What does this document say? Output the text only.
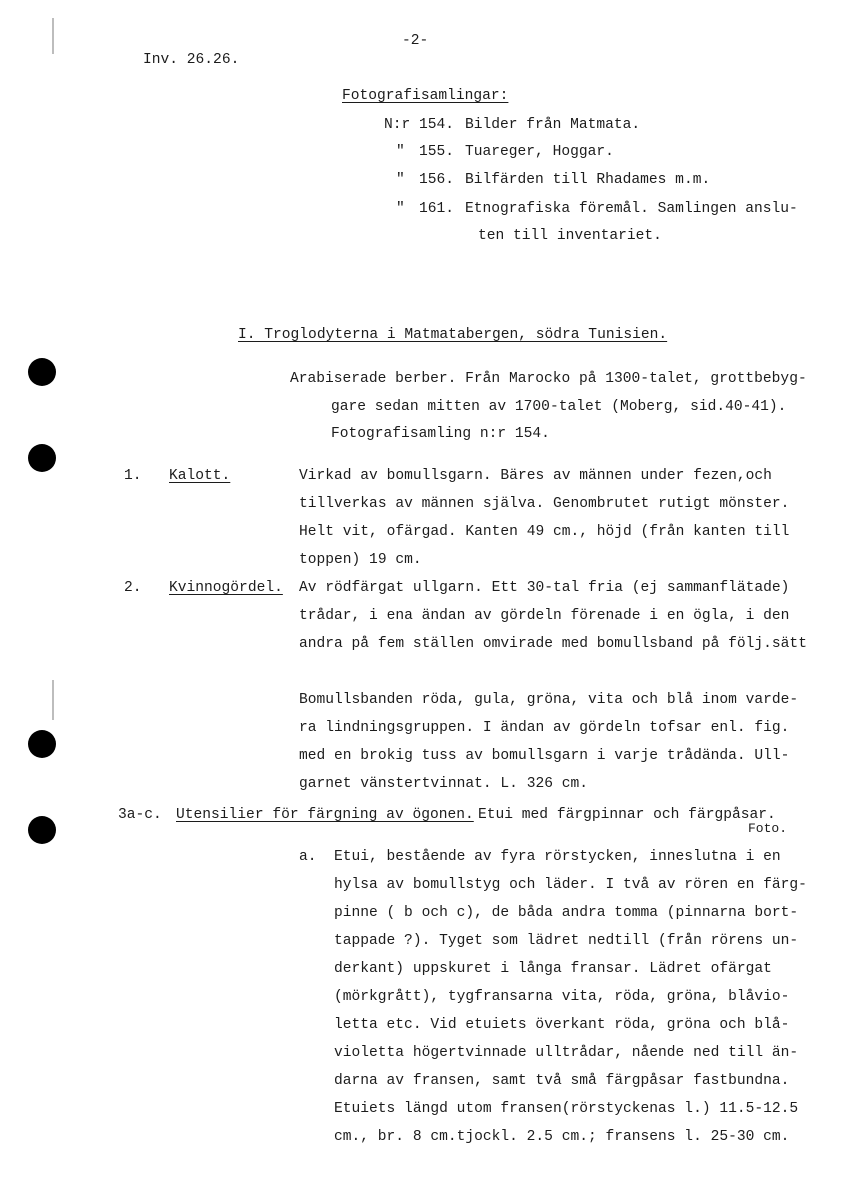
-2-
Inv. 26.26.
Fotografisamlingar:
N:r 154. Bilder från Matmata.
" 155. Tuareger, Hoggar.
" 156. Bilfärden till Rhadames m.m.
" 161. Etnografiska föremål. Samlingen anslu-
ten till inventariet.
I. Troglodyterna i Matmatabergen, södra Tunisien.
Arabiserade berber. Från Marocko på 1300-talet, grottbebyg-
gare sedan mitten av 1700-talet (Moberg, sid.40-41).
Fotografisamling n:r 154.
1. Kalott.	Virkad av bomullsgarn. Bäres av männen under fezen,och
tillverkas av männen själva. Genombrutet rutigt mönster.
Helt vit, ofärgad. Kanten 49 cm., höjd (från kanten till
toppen) 19 cm.
2. Kvinnogördel. Av rödfärgat ullgarn. Ett 30-tal fria (ej sammanflätade)
trådar, i ena ändan av gördeln förenade i en ögla, i den
andra på fem ställen omvirade med bomullsband på följ.sätt
Bomullsbanden röda, gula, gröna, vita och blå inom varde-
ra lindningsgruppen. I ändan av gördeln tofsar enl. fig.
med en brokig tuss av bomullsgarn i varje trådända. Ull-
garnet vänstertvinnat. L. 326 cm.
3a-c. Utensilier för färgning av ögonen. Etui med färgpinnar och färgpåsar.
Foto.
a. Etui, bestående av fyra rörstycken, inneslutna i en
hylsa av bomullstyg och läder. I två av rören en färg-
pinne ( b och c), de båda andra tomma (pinnarna bort-
tappade ?). Tyget som lädret nedtill (från rörens un-
derkant) uppskuret i långa fransar. Lädret ofärgat
(mörkgrått), tygfransarna vita, röda, gröna, blåvio-
letta etc. Vid etuiets överkant röda, gröna och blå-
violetta högertvinnade ulltrådar, nående ned till än-
darna av fransen, samt två små färgpåsar fastbundna.
Etuiets längd utom fransen(rörstyckenas l.) 11.5-12.5
cm., br. 8 cm.tjockl. 2.5 cm.; fransens l. 25-30 cm.
